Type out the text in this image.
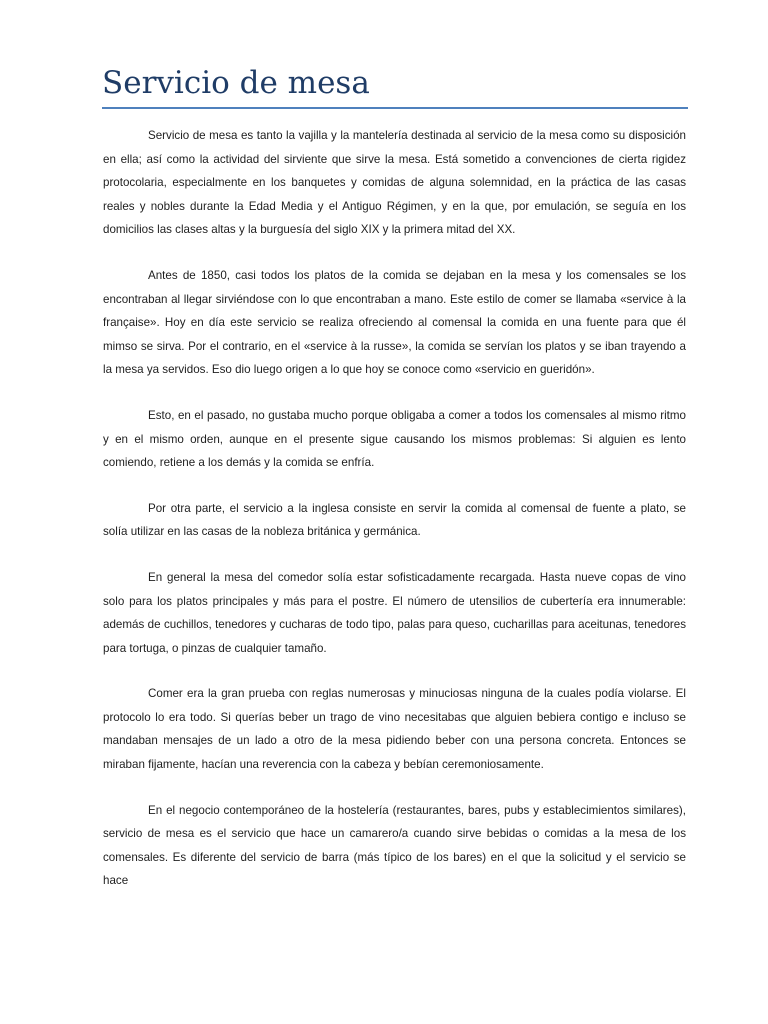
Servicio de mesa

Servicio de mesa es tanto la vajilla y la mantelería destinada al servicio de la mesa como su disposición en ella; así como la actividad del sirviente que sirve la mesa. Está sometido a convenciones de cierta rigidez protocolaria, especialmente en los banquetes y comidas de alguna solemnidad, en la práctica de las casas reales y nobles durante la Edad Media y el Antiguo Régimen, y en la que, por emulación, se seguía en los domicilios las clases altas y la burguesía del siglo XIX y la primera mitad del XX.

Antes de 1850, casi todos los platos de la comida se dejaban en la mesa y los comensales se los encontraban al llegar sirviéndose con lo que encontraban a mano. Este estilo de comer se llamaba «service à la française». Hoy en día este servicio se realiza ofreciendo al comensal la comida en una fuente para que él mimso se sirva. Por el contrario, en el «service à la russe», la comida se servían los platos y se iban trayendo a la mesa ya servidos. Eso dio luego origen a lo que hoy se conoce como «servicio en gueridón».

Esto, en el pasado, no gustaba mucho porque obligaba a comer a todos los comensales al mismo ritmo y en el mismo orden, aunque en el presente sigue causando los mismos problemas: Si alguien es lento comiendo, retiene a los demás y la comida se enfría.

Por otra parte, el servicio a la inglesa consiste en servir la comida al comensal de fuente a plato, se solía utilizar en las casas de la nobleza británica y germánica.

En general la mesa del comedor solía estar sofisticadamente recargada. Hasta nueve copas de vino solo para los platos principales y más para el postre. El número de utensilios de cubertería era innumerable: además de cuchillos, tenedores y cucharas de todo tipo, palas para queso, cucharillas para aceitunas, tenedores para tortuga, o pinzas de cualquier tamaño.

Comer era la gran prueba con reglas numerosas y minuciosas ninguna de la cuales podía violarse. El protocolo lo era todo. Si querías beber un trago de vino necesitabas que alguien bebiera contigo e incluso se mandaban mensajes de un lado a otro de la mesa pidiendo beber con una persona concreta. Entonces se miraban fijamente, hacían una reverencia con la cabeza y bebían ceremoniosamente.

En el negocio contemporáneo de la hostelería (restaurantes, bares, pubs y establecimientos similares), servicio de mesa es el servicio que hace un camarero/a cuando sirve bebidas o comidas a la mesa de los comensales. Es diferente del servicio de barra (más típico de los bares) en el que la solicitud y el servicio se hace
